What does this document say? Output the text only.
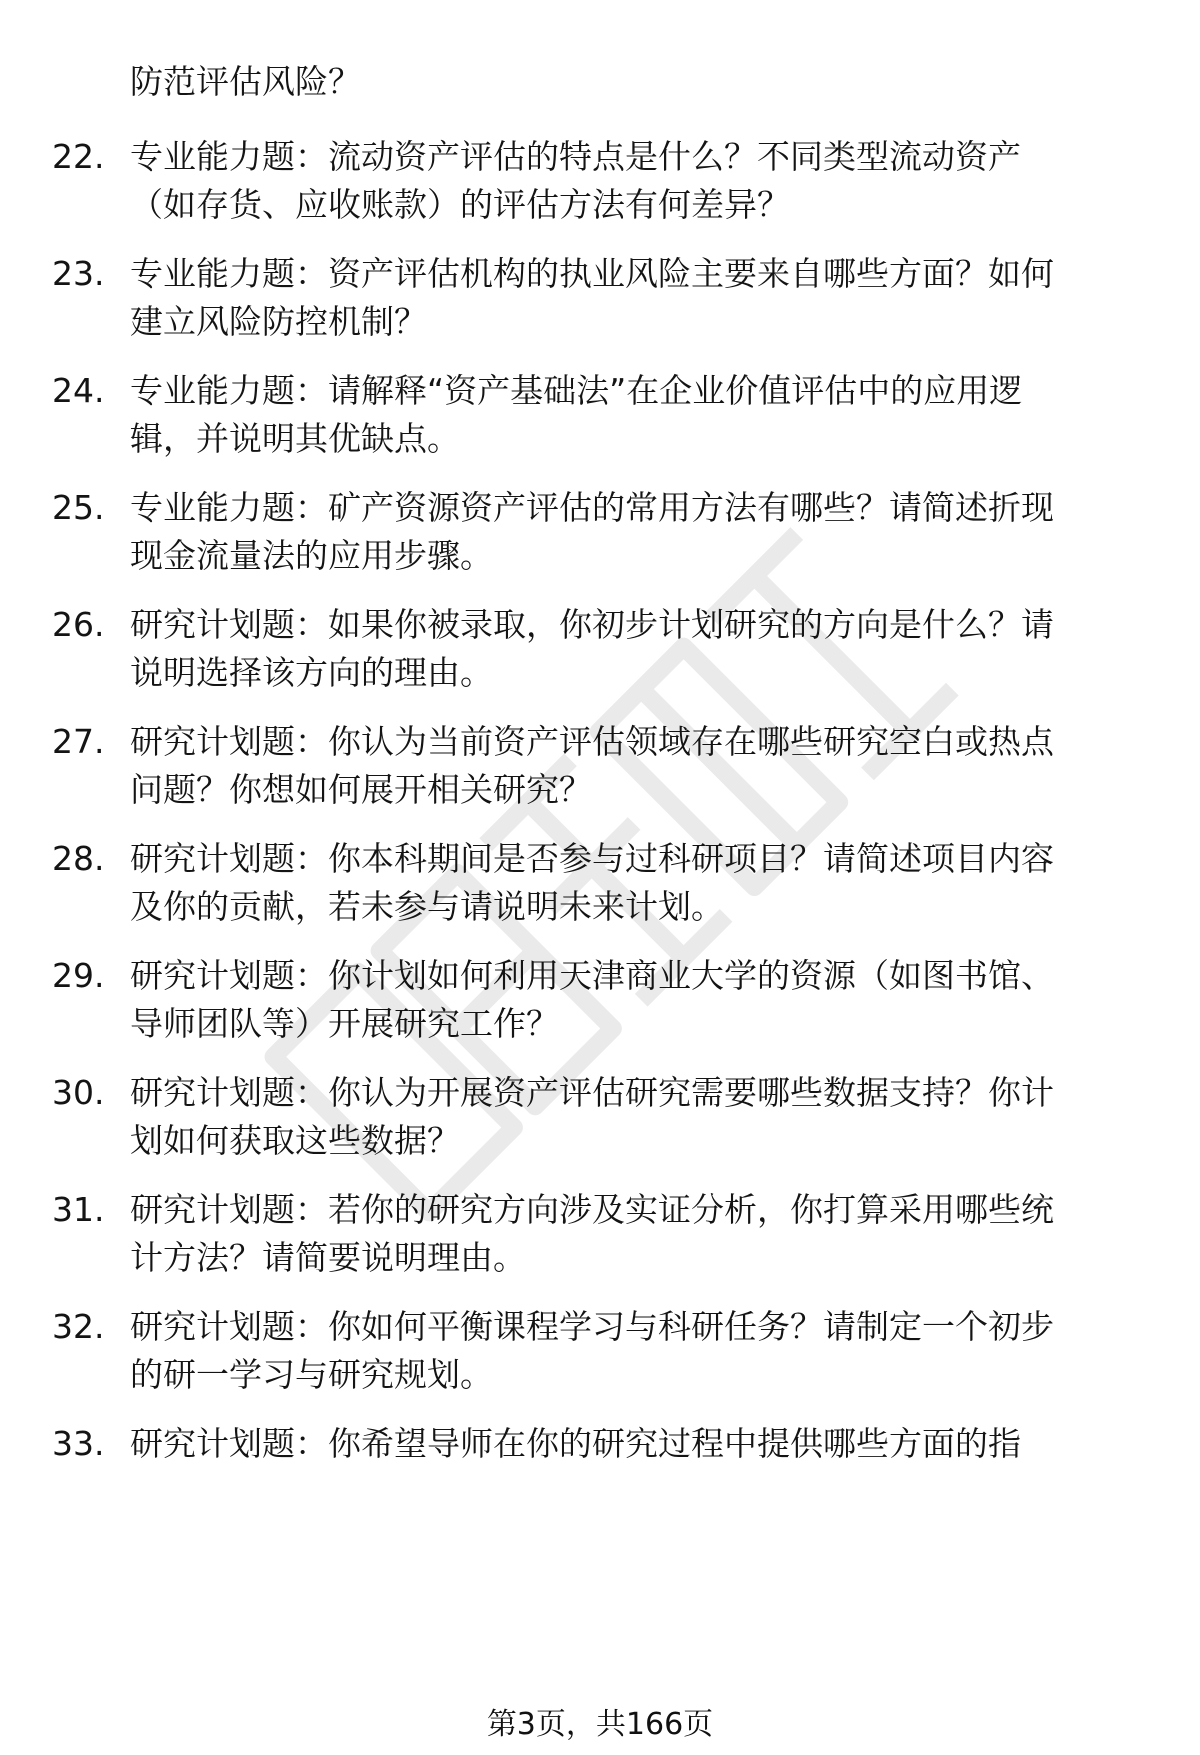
防范评估风险？
22. 专业能力题：流动资产评估的特点是什么？不同类型流动资产
（如存货、应收账款）的评估方法有何差异？
23. 专业能力题：资产评估机构的执业风险主要来自哪些方面？如何
建立风险防控机制？
24. 专业能力题：请解释“资产基础法”在企业价值评估中的应用逻
辑，并说明其优缺点。
25. 专业能力题：矿产资源资产评估的常用方法有哪些？请简述折现
现金流量法的应用步骤。
26. 研究计划题：如果你被录取，你初步计划研究的方向是什么？请
说明选择该方向的理由。
27. 研究计划题：你认为当前资产评估领域存在哪些研究空白或热点
问题？你想如何展开相关研究？
28. 研究计划题：你本科期间是否参与过科研项目？请简述项目内容
及你的贡献，若未参与请说明未来计划。
29. 研究计划题：你计划如何利用天津商业大学的资源（如图书馆、
导师团队等）开展研究工作？
30. 研究计划题：你认为开展资产评估研究需要哪些数据支持？你计
划如何获取这些数据？
31. 研究计划题：若你的研究方向涉及实证分析，你打算采用哪些统
计方法？请简要说明理由。
32. 研究计划题：你如何平衡课程学习与科研任务？请制定一个初步
的研一学习与研究规划。
33. 研究计划题：你希望导师在你的研究过程中提供哪些方面的指
第3页，共166页
